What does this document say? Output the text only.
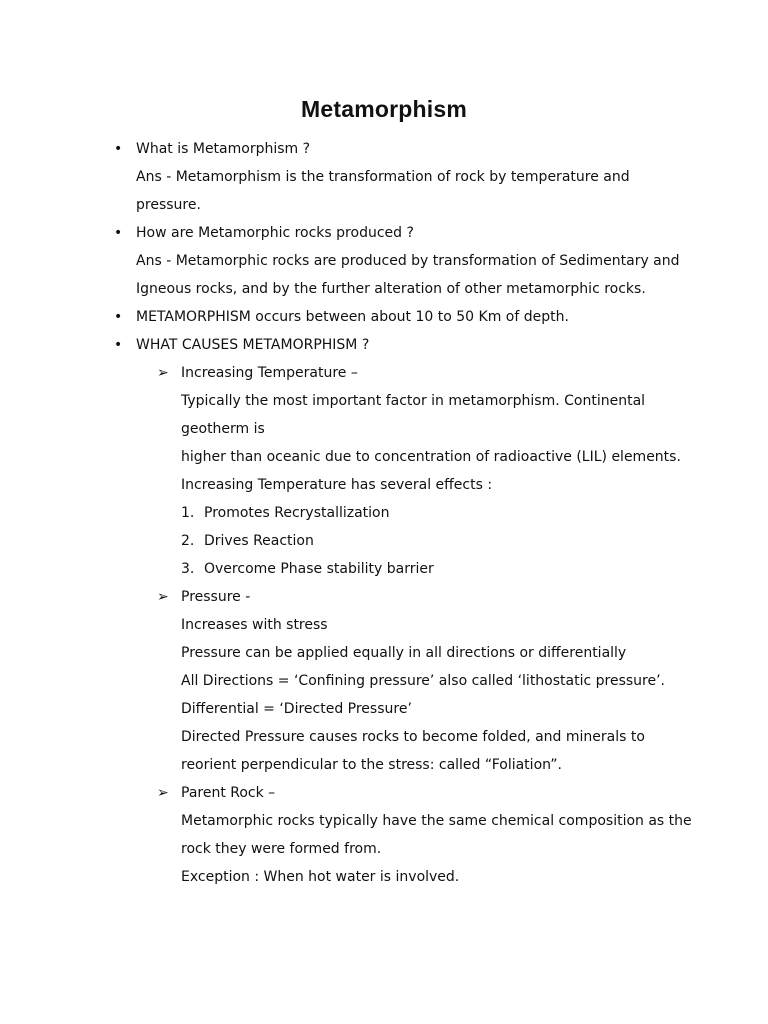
Metamorphism
• What is Metamorphism ?
Ans - Metamorphism is the transformation of rock by temperature and
pressure.
• How are Metamorphic rocks produced ?
Ans - Metamorphic rocks are produced by transformation of Sedimentary and
Igneous rocks, and by the further alteration of other metamorphic rocks.
• METAMORPHISM occurs between about 10 to 50 Km of depth.
• WHAT CAUSES METAMORPHISM ?
➢ Increasing Temperature –
Typically the most important factor in metamorphism. Continental
geotherm is
higher than oceanic due to concentration of radioactive (LIL) elements.
Increasing Temperature has several effects :
1. Promotes Recrystallization
2. Drives Reaction
3. Overcome Phase stability barrier
➢ Pressure -
Increases with stress
Pressure can be applied equally in all directions or differentially
All Directions = ‘Confining pressure’ also called ‘lithostatic pressure’.
Differential = ‘Directed Pressure’
Directed Pressure causes rocks to become folded, and minerals to
reorient perpendicular to the stress: called “Foliation”.
➢ Parent Rock –
Metamorphic rocks typically have the same chemical composition as the
rock they were formed from.
Exception : When hot water is involved.
